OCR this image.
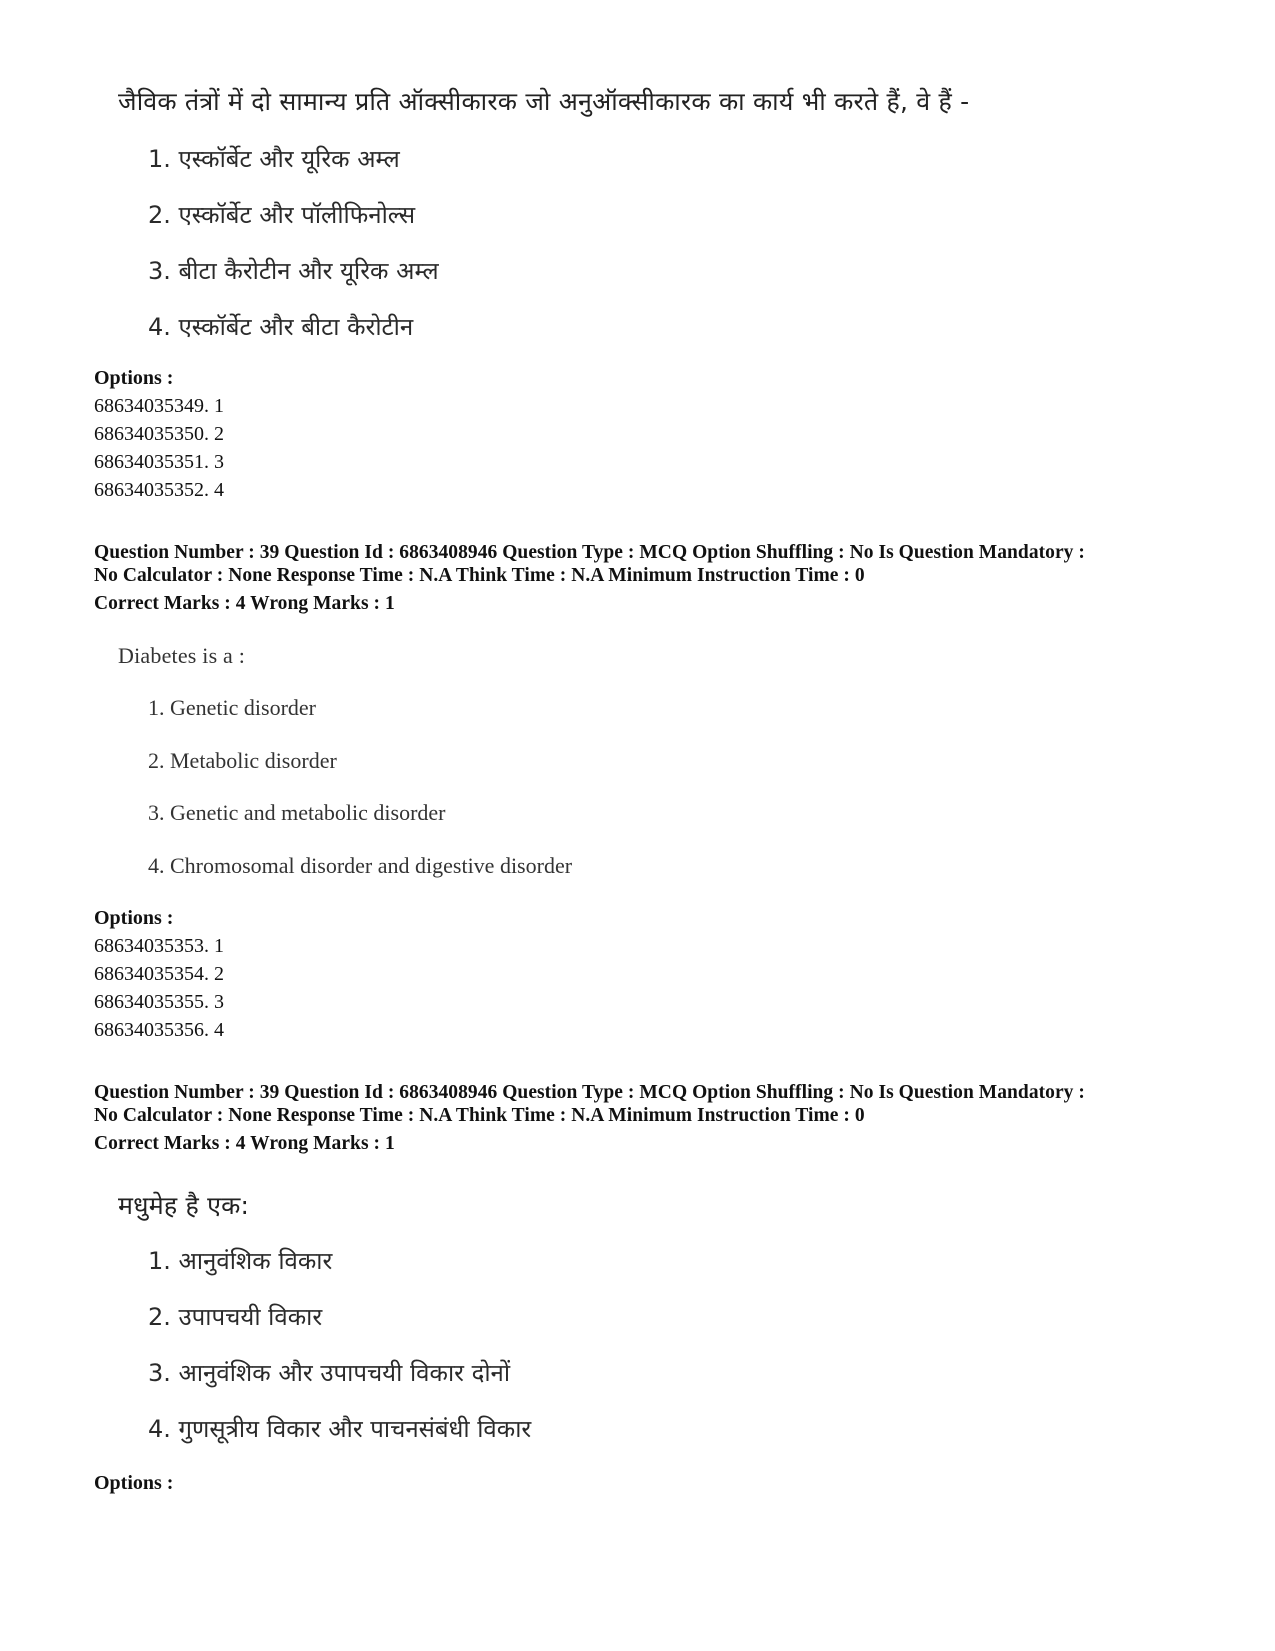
जैविक तंत्रों में दो सामान्य प्रति ऑक्सीकारक जो अनुऑक्सीकारक का कार्य भी करते हैं, वे हैं -
1. एस्कॉर्बेट और यूरिक अम्ल
2. एस्कॉर्बेट और पॉलीफिनोल्स
3. बीटा कैरोटीन और यूरिक अम्ल
4. एस्कॉर्बेट और बीटा कैरोटीन
Options :
68634035349. 1
68634035350. 2
68634035351. 3
68634035352. 4
Question Number : 39 Question Id : 6863408946 Question Type : MCQ Option Shuffling : No Is Question Mandatory :
No Calculator : None Response Time : N.A Think Time : N.A Minimum Instruction Time : 0
Correct Marks : 4 Wrong Marks : 1
Diabetes is a :
1. Genetic disorder
2. Metabolic disorder
3. Genetic and metabolic disorder
4. Chromosomal disorder and digestive disorder
Options :
68634035353. 1
68634035354. 2
68634035355. 3
68634035356. 4
Question Number : 39 Question Id : 6863408946 Question Type : MCQ Option Shuffling : No Is Question Mandatory :
No Calculator : None Response Time : N.A Think Time : N.A Minimum Instruction Time : 0
Correct Marks : 4 Wrong Marks : 1
मधुमेह है एक:
1. आनुवंशिक विकार
2. उपापचयी विकार
3. आनुवंशिक और उपापचयी विकार दोनों
4. गुणसूत्रीय विकार और पाचनसंबंधी विकार
Options :
